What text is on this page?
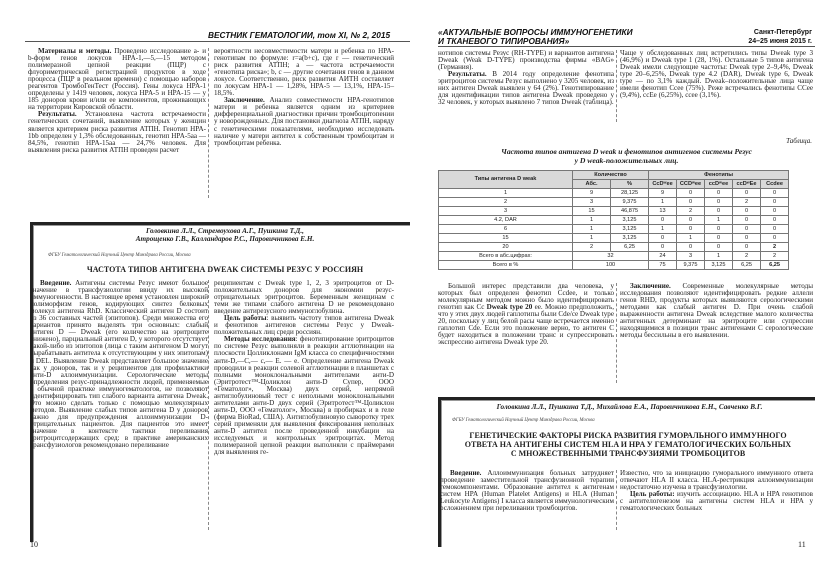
ВЕСТНИК ГЕМАТОЛОГИИ, том XI, № 2, 2015

Материалы и методы. Проведено исследование а- и b-форм генов локусов HPA-1,—5,—15 методом полимеразной цепной реакции (ПЦР) с флуориметрической регистрацией продуктов в ходе процесса (ПЦР в реальном времени) с помощью наборов реагентов ТромбоГенТест (Россия). Гены локуса HPA-1 определены у 1419 человек, локуса HPA-5 и HPA-15 — у 185 доноров крови и/или ее компонентов, проживающих на территории Кировской области.

Результаты. Установлена частота встречаемости генетических сочетаний, выявление которых у женщин является критерием риска развития АТПН. Генотип HPA-1bb определен у 1,3% обследованных, генотип HPA-5aa — 84,5%, генотип HPA-15aa — 24,7% человек. Для выявления риска развития АТПН проведен расчет

вероятности несовместимости матери и ребенка по HPA-генотипам по формуле: r=a(b+c), где r — генетический риск развития АТПН; a — частота встречаемости «генотипа риска»; b, c — другие сочетания генов в данном локусе. Соответственно, риск развития АИТН составляет по локусам HPA-1 — 1,28%, HPA-5 — 13,1%, HPA-15–18,5%.

Заключение. Анализ совместимости HPA-генотипов матери и ребенка является одним из критериев дифференциальной диагностики причин тромбоцитопении у новорожденных. Для постановки диагноза АТПН, наряду с генетическими показателями, необходимо исследовать наличие у матери антител к собственным тромбоцитам и тромбоцитам ребенка.

Головкина Л.Л., Стремоухова А.Г., Пушкина Т.Д.,
Атрощенко Г.В., Калландаров Р.С., Паровичникова Е.Н.
ФГБУ Гематологический Научный Центр Минздрава России, Москва
ЧАСТОТА ТИПОВ АНТИГЕНА DWEAK СИСТЕМЫ РЕЗУС У РОССИЯН

Введение. Антигены системы Резус имеют большое значение в трансфузиологии ввиду их высокой иммуногенности. В настоящее время установлен широкий полиморфизм генов, кодирующих синтез белковых молекул антигена RhD. Классический антиген D состоит из 36 составных частей (эпитопов). Среди множества его вариантов принято выделять три основных: слабый антиген D — Dweak (его количество на эритроците снижено), парциальный антиген D, у которого отсутствует какой-либо из эпитопов (лица с таким антигеном D могут вырабатывать антитела к отсутствующим у них эпитопам) и DEL. Выявление Dweak представляет большое значение как у доноров, так и у реципиентов для профилактики анти-D аллоиммунизации. Серологические методы определения резус-принадлежности людей, применяемые в обычной практике иммуногематологов, не позволяют идентифицировать тип слабого варианта антигена Dweak. Это можно сделать только с помощью молекулярных методов. Выявление слабых типов антигена D у доноров важно для предупреждения аллоиммунизации D-отрицательных пациентов. Для пациентов это имеет значение в контексте тактики переливания эритроцитсодержащих сред: в практике американских трансфузиологов рекомендовано переливание

реципиентам с Dweak type 1, 2, 3 эритроцитов от D-положительных доноров для экономии резус-отрицательных эритроцитов. Беременным женщинам с теми же типами слабого антигена D не рекомендовано введение антирезусного иммуноглобулина.

Цель работы: выявить частоту типов антигена Dweak и фенотипов антигенов системы Резус у Dweak-положительных лиц среди россиян.

Методы исследования: фенотипирование эритроцитов по системе Резус выполняли в реакции агглютинации на плоскости Цолликлонами IgM класса со специфичностями анти-D,—C,— c,— E. — e. Определение антигена Dweak проводили в реакции солевой агглютинации в планшетах с полными моноклональными антителами анти-D (Эритротест™-Цоликлон анти-D Супер, ООО «Гематолог», Москва) двух серий, непрямой антиглобулиновый тест с неполными моноклональными антителами анти-D двух серий (Эритротест™-Цоликлон анти-D, ООО «Гематолог», Москва) в пробирках и в геле (фирма BioRad, США). Антиглобулиновую сыворотку трех серий применяли для выявления фиксирования неполных анти-D антител после проведенной инкубации на исследуемых и контрольных эритроцитах. Метод полимеразной цепной реакции выполняли с праймерами для выявления ге-

10
«АКТУАЛЬНЫЕ ВОПРОСЫ ИММУНОГЕНЕТИКИ
И ТКАНЕВОГО ТИПИРОВАНИЯ»
Санкт-Петербург
24–25 июня 2015 г.

нотипов системы Резус (RH-TYPE) и вариантов антигена Dweak (Weak D-TYPE) производства фирмы «BAG» (Германия).

Результаты. В 2014 году определение фенотипа эритроцитов системы Резус выполнено у 3205 человек, из них антиген Dweak выявлен у 64 (2%). Генотипирование для идентификации типов антигена Dweak проведено у 32 человек, у которых выявлено 7 типов Dweak (таблица).

Чаще у обследованных лиц встретились типы Dweak type 3 (46,9%) и Dweak type 1 (28, 1%). Остальные 5 типов антигена Dweak имели следующие частоты: Dweak type 2–9,4%, Dweak type 20–6,25%, Dweak type 4.2 (DAR), Dweak type 6, Dweak type — по 3,1% каждый. Dweak–положительные лица чаще имели фенотип Ccee (75%). Реже встречались фенотипы CCee (9,4%), ccEe (6,25%), ccee (3,1%).

Таблица.
Частота типов антигена D weak и фенотипов антигенов системы Резус
у D weak-положительных лиц.
Типы антигена D weak	Количество		Фенотипы				
	Абс.	%	CcDʷee	CCDʷee	ccDʷee	ccDʷEe	Ccdee
1	9	28,125	9	0	0	0	0
2	3	9,375	1	0	0	2	0
3	15	46,875	13	2	0	0	0
4.2, DAR	1	3,125	0	0	1	0	0
6	1	3,125	1	0	0	0	0
15	1	3,125	0	1	0	0	0
20	2	6,25	0	0	0	0	2
Всего в абс.цифрах:	32		24	3	1	2	2
Всего в %	100		75	9,375	3,125	6,25	6,25

Большой интерес представили два человека, у которых был определен фенотип Ccdee, и только молекулярным методом можно было идентифицировать генотип как Cc Dweak type 20 ee. Можно предположить, что у этих двух людей гаплотипы были Cde/ce Dweak type 20, поскольку у лиц белой расы чаще встречается именно гаплотип Cde. Если это положение верно, то антиген C будет находиться в положении транс и супрессировать экспрессию антигена Dweak type 20.

Заключение. Современные молекулярные методы исследования позволяют идентифицировать редкие аллели генов RHD, продукты которых выявляются серологическими методами как слабый антиген D. При очень слабой выраженности антигена Dweak вследствие малого количества антигенных детерминант на эритроците или супрессии находящимися в позиции транс антигенами C серологические методы бессильны в его выявлении.

Головкина Л.Л., Пушкина Т.Д., Михайлова Е.А., Паровичникова Е.Н., Савченко В.Г.
ФГБУ Гематологический Научный Центр Минздрава России, Москва
ГЕНЕТИЧЕСКИЕ ФАКТОРЫ РИСКА РАЗВИТИЯ ГУМОРАЛЬНОГО ИММУННОГО
ОТВЕТА НА АНТИГЕНЫ СИСТЕМ HLA И HPA У ГЕМАТОЛОГИЧЕСКИХ БОЛЬНЫХ
С МНОЖЕСТВЕННЫМИ ТРАНСФУЗИЯМИ ТРОМБОЦИТОВ

Введение. Аллоиммунизация больных затрудняет проведение заместительной трансфузионной терапии гемокомпонентами. Образование антител к антигенам систем HPA (Human Platelet Antigens) и HLA (Human Leukocyte Antigens) I класса является иммунологическим осложнением при переливании тромбоцитов.

Известно, что за инициацию гуморального иммунного ответа отвечают HLA II класса. HLA-рестрикция аллоиммунизации недостаточно изучена в трансфузиологии.

Цель работы: изучить ассоциацию. HLA и HPA генотипов с антителогенезом на антигены систем HLA и HPA у гематологических больных

11
